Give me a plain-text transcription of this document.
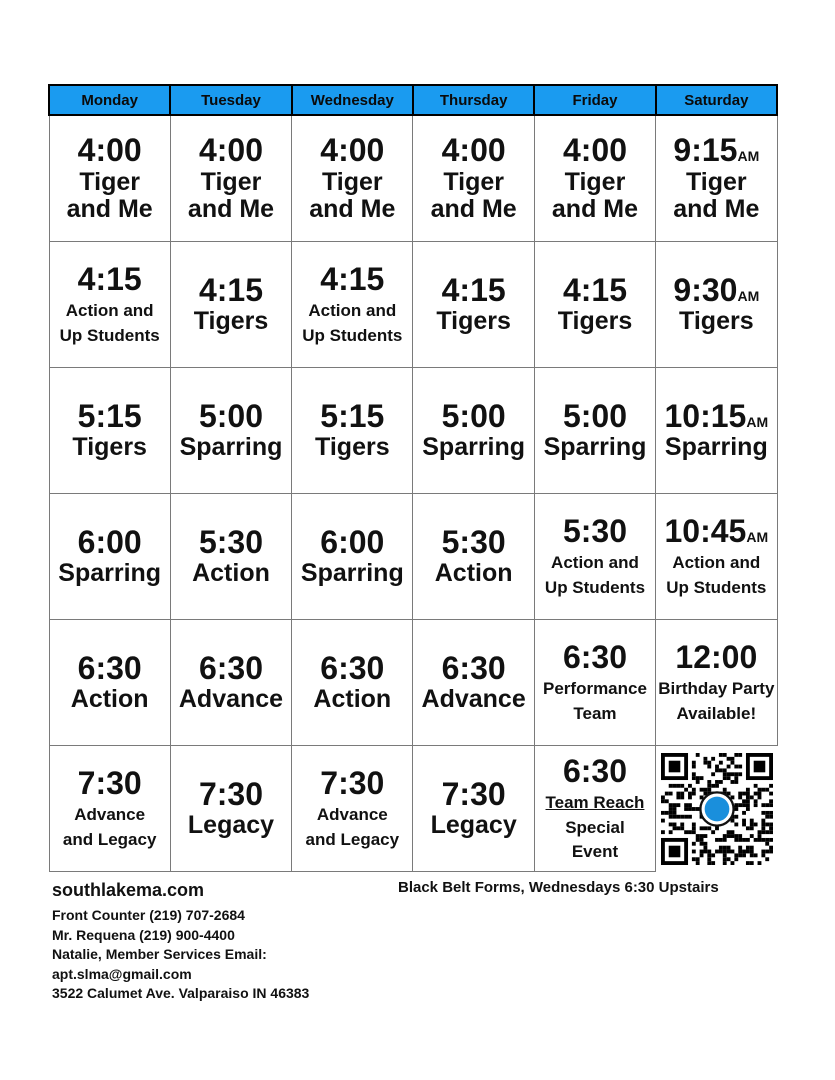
Monday	Tuesday	Wednesday	Thursday	Friday	Saturday

4:00
Tiger
and Me	4:00
Tiger
and Me	4:00
Tiger
and Me	4:00
Tiger
and Me	4:00
Tiger
and Me	9:15AM
Tiger
and Me

4:15
Action and
Up Students	4:15
Tigers	4:15
Action and
Up Students	4:15
Tigers	4:15
Tigers	9:30AM
Tigers

5:15
Tigers	5:00
Sparring	5:15
Tigers	5:00
Sparring	5:00
Sparring	10:15AM
Sparring

6:00
Sparring	5:30
Action	6:00
Sparring	5:30
Action	5:30
Action and
Up Students	10:45AM
Action and
Up Students

6:30
Action	6:30
Advance	6:30
Action	6:30
Advance	6:30
Performance
Team	12:00
Birthday Party
Available!

7:30
Advance
and Legacy	7:30
Legacy	7:30
Advance
and Legacy	7:30
Legacy	6:30
Team Reach
Special
Event

southlakema.com
Front Counter (219) 707-2684
Mr. Requena (219) 900-4400
Natalie, Member Services Email:
apt.slma@gmail.com
3522 Calumet Ave. Valparaiso IN 46383
Black Belt Forms, Wednesdays 6:30 Upstairs
